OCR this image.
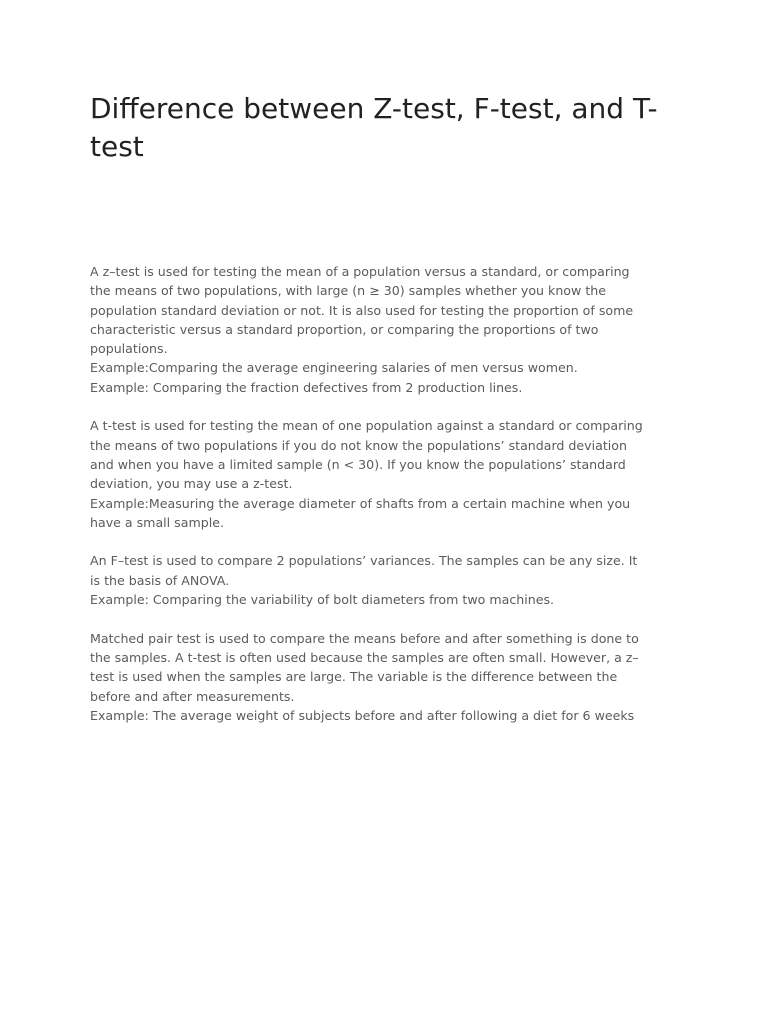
Difference between Z-test, F-test, and T-test

A z–test is used for testing the mean of a population versus a standard, or comparing
the means of two populations, with large (n ≥ 30) samples whether you know the
population standard deviation or not. It is also used for testing the proportion of some
characteristic versus a standard proportion, or comparing the proportions of two
populations.
Example:Comparing the average engineering salaries of men versus women.
Example: Comparing the fraction defectives from 2 production lines.

A t-test is used for testing the mean of one population against a standard or comparing
the means of two populations if you do not know the populations’ standard deviation
and when you have a limited sample (n < 30). If you know the populations’ standard
deviation, you may use a z-test.
Example:Measuring the average diameter of shafts from a certain machine when you
have a small sample.

An F–test is used to compare 2 populations’ variances. The samples can be any size. It
is the basis of ANOVA.
Example: Comparing the variability of bolt diameters from two machines.

Matched pair test is used to compare the means before and after something is done to
the samples. A t-test is often used because the samples are often small. However, a z–
test is used when the samples are large. The variable is the difference between the
before and after measurements.
Example: The average weight of subjects before and after following a diet for 6 weeks
